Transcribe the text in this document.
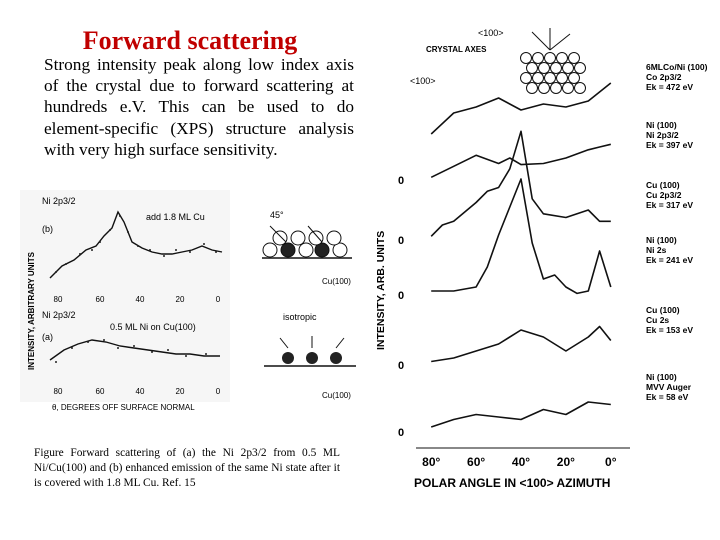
Forward scattering
Strong intensity peak along low index axis of the crystal due to forward scattering at hundreds e.V. This can be used to do element-specific (XPS) structure analysis with very high surface sensitivity.
INTENSITY, ARBITRARY UNITS
Ni 2p3/2
(b)
add 1.8 ML Cu
80	60	40	20	0
Ni 2p3/2
(a)
0.5 ML Ni on Cu(100)
80	60	40	20	0
θ, DEGREES OFF SURFACE NORMAL
45°
Cu(100)
isotropic
Cu(100)
Figure Forward scattering of (a) the Ni 2p3/2 from 0.5 ML Ni/Cu(100) and (b) enhanced emission of the same Ni state after it is covered with 1.8 ML Cu. Ref. 15
<100>
CRYSTAL AXES
<100>
INTENSITY, ARB. UNITS
0
0
0
0
0
6MLCo/Ni (100)
Co 2p3/2
Ek = 472 eV
Ni (100)
Ni 2p3/2
Ek = 397 eV
Cu (100)
Cu 2p3/2
Ek = 317 eV
Ni (100)
Ni 2s
Ek = 241 eV
Cu (100)
Cu 2s
Ek = 153 eV
Ni (100)
MVV Auger
Ek = 58 eV
80° 60° 40° 20°	0°
POLAR ANGLE IN <100> AZIMUTH
